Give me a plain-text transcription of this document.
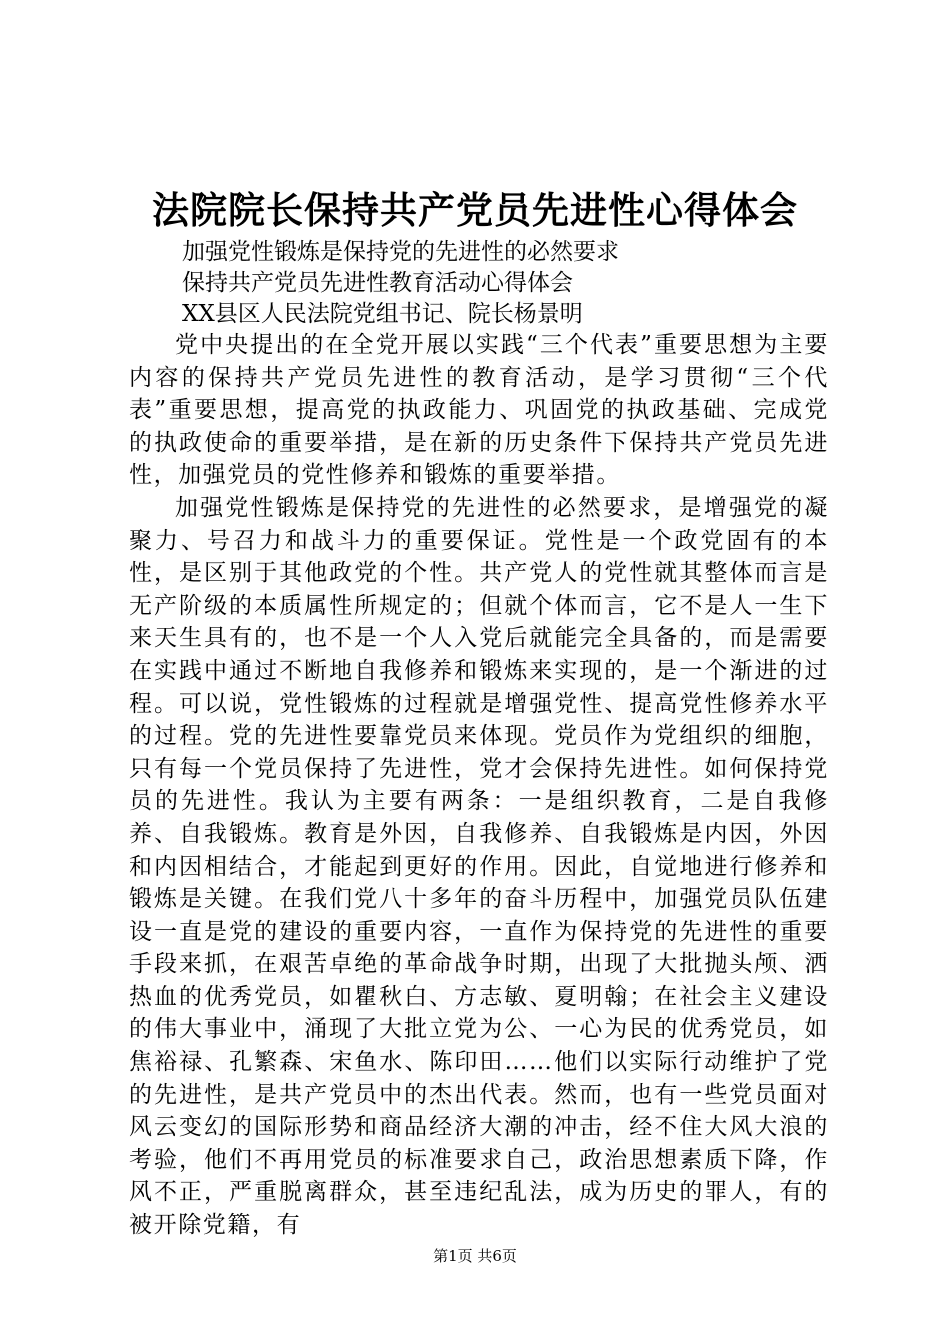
法院院长保持共产党员先进性心得体会
加强党性锻炼是保持党的先进性的必然要求
保持共产党员先进性教育活动心得体会
XX县区人民法院党组书记、院长杨景明

党中央提出的在全党开展以实践“三个代表”重要思想为主要内容的保持共产党员先进性的教育活动，是学习贯彻“三个代表”重要思想，提高党的执政能力、巩固党的执政基础、完成党的执政使命的重要举措，是在新的历史条件下保持共产党员先进性，加强党员的党性修养和锻炼的重要举措。

加强党性锻炼是保持党的先进性的必然要求，是增强党的凝聚力、号召力和战斗力的重要保证。党性是一个政党固有的本性，是区别于其他政党的个性。共产党人的党性就其整体而言是无产阶级的本质属性所规定的；但就个体而言，它不是人一生下来天生具有的，也不是一个人入党后就能完全具备的，而是需要在实践中通过不断地自我修养和锻炼来实现的，是一个渐进的过程。可以说，党性锻炼的过程就是增强党性、提高党性修养水平的过程。党的先进性要靠党员来体现。党员作为党组织的细胞，只有每一个党员保持了先进性，党才会保持先进性。如何保持党员的先进性。我认为主要有两条：一是组织教育，二是自我修养、自我锻炼。教育是外因，自我修养、自我锻炼是内因，外因和内因相结合，才能起到更好的作用。因此，自觉地进行修养和锻炼是关键。在我们党八十多年的奋斗历程中，加强党员队伍建设一直是党的建设的重要内容，一直作为保持党的先进性的重要手段来抓，在艰苦卓绝的革命战争时期，出现了大批抛头颅、洒热血的优秀党员，如瞿秋白、方志敏、夏明翰；在社会主义建设的伟大事业中，涌现了大批立党为公、一心为民的优秀党员，如焦裕禄、孔繁森、宋鱼水、陈印田……他们以实际行动维护了党的先进性，是共产党员中的杰出代表。然而，也有一些党员面对风云变幻的国际形势和商品经济大潮的冲击，经不住大风大浪的考验，他们不再用党员的标准要求自己，政治思想素质下降，作风不正，严重脱离群众，甚至违纪乱法，成为历史的罪人，有的被开除党籍，有

第1页 共6页
